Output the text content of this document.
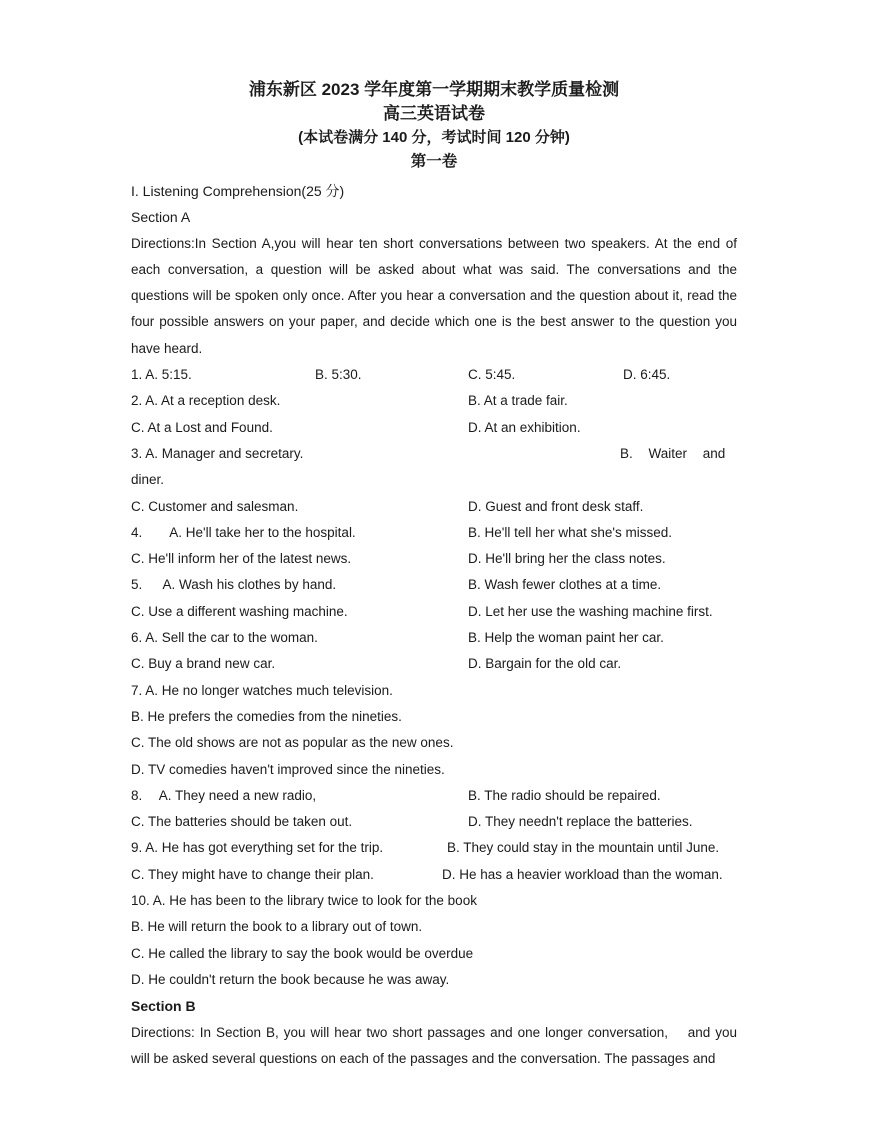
浦东新区 2023 学年度第一学期期末教学质量检测
高三英语试卷
(本试卷满分 140 分，考试时间 120 分钟)
第一卷
I. Listening Comprehension(25 分)
Section A

Directions:In Section A,you will hear ten short conversations between two speakers. At the end of each conversation, a question will be asked about what was said. The conversations and the questions will be spoken only once. After you hear a conversation and the question about it, read the four possible answers on your paper, and decide which one is the best answer to the question you have heard.

1. A. 5:15.	B. 5:30.	C. 5:45.	D. 6:45.
2. A. At a reception desk.	B. At a trade fair.
C. At a Lost and Found.	D. At an exhibition.
3. A. Manager and secretary.	B. Waiter and
diner.
C. Customer and salesman.	D. Guest and front desk staff.
4.  A. He'll take her to the hospital.	B. He'll tell her what she's missed.
C. He'll inform her of the latest news.	D. He'll bring her the class notes.
5.  A. Wash his clothes by hand.	B. Wash fewer clothes at a time.
C. Use a different washing machine.	D. Let her use the washing machine first.
6. A. Sell the car to the woman.	B. Help the woman paint her car.
C. Buy a brand new car.	D. Bargain for the old car.
7. A. He no longer watches much television.
B. He prefers the comedies from the nineties.
C. The old shows are not as popular as the new ones.
D. TV comedies haven't improved since the nineties.
8.  A. They need a new radio,	B. The radio should be repaired.
C. The batteries should be taken out.	D. They needn't replace the batteries.
9. A. He has got everything set for the trip.	B. They could stay in the mountain until June.
C. They might have to change their plan.	D. He has a heavier workload than the woman.
10. A. He has been to the library twice to look for the book
B. He will return the book to a library out of town.
C. He called the library to say the book would be overdue
D. He couldn't return the book because he was away.
Section B

Directions: In Section B, you will hear two short passages and one longer conversation, 　and you will be asked several questions on each of the passages and the conversation. The passages and
